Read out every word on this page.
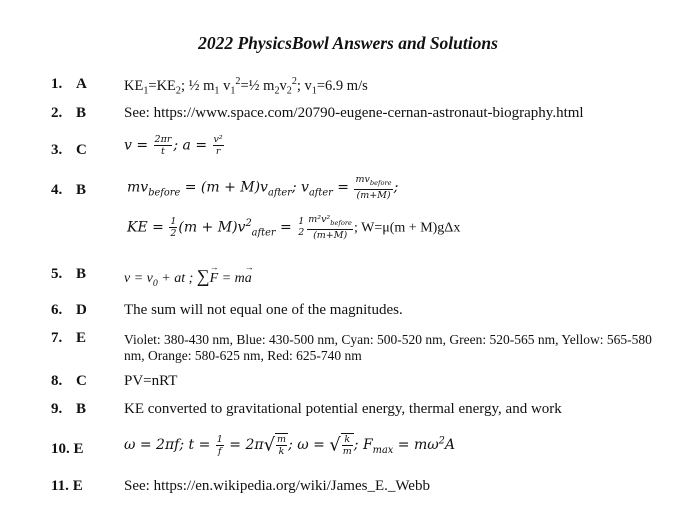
2022 PhysicsBowl Answers and Solutions
1. A	$KE_1=KE_2$; ½ $m_1$ $v_1^2=\frac{1}{2}$ $m_2v_2^2$; $v_1=6.9$ m/s
2. B	See: https://www.space.com/20790-eugene-cernan-astronaut-biography.html
3. C	$v = \frac{2\pi r}{t}$ ; $a = \frac{\text{v²}}{r}$
4. B	$mv_{before} = (m + M)v_{after}$; $v_{after} = \frac{mv_{before}}{(m+M)}$ ;
KE = $\frac{1}{2} (m + M)v^2_{after} = 1$
$2 \frac{m^2v^2_{before}}{(m+M)}$ ; W=μ(m + M)gΔx
5. B	$v = v_0$ + at ; ∑→ F = m→ a
6. D The sum will not equal one of the magnitudes.
7. E	Violet: 380-430 nm, Blue: 430-500 nm, Cyan: 500-520 nm, Green: 520-565 nm, Yellow: 565-580 nm, Orange: 580-625 nm, Red: 625-740 nm
8. C PV=nRT
9. B	KE converted to gravitational potential energy, thermal energy, and work
10. E	ω = 2πf; $t = \frac{1}{f} = 2\pi√ \frac{m}{k}$ ; ω = √ $\frac{k}{m}$ ; $F_{max} = m\omega^2A$
11. E	See: https://en.wikipedia.org/wiki/James_E._Webb
